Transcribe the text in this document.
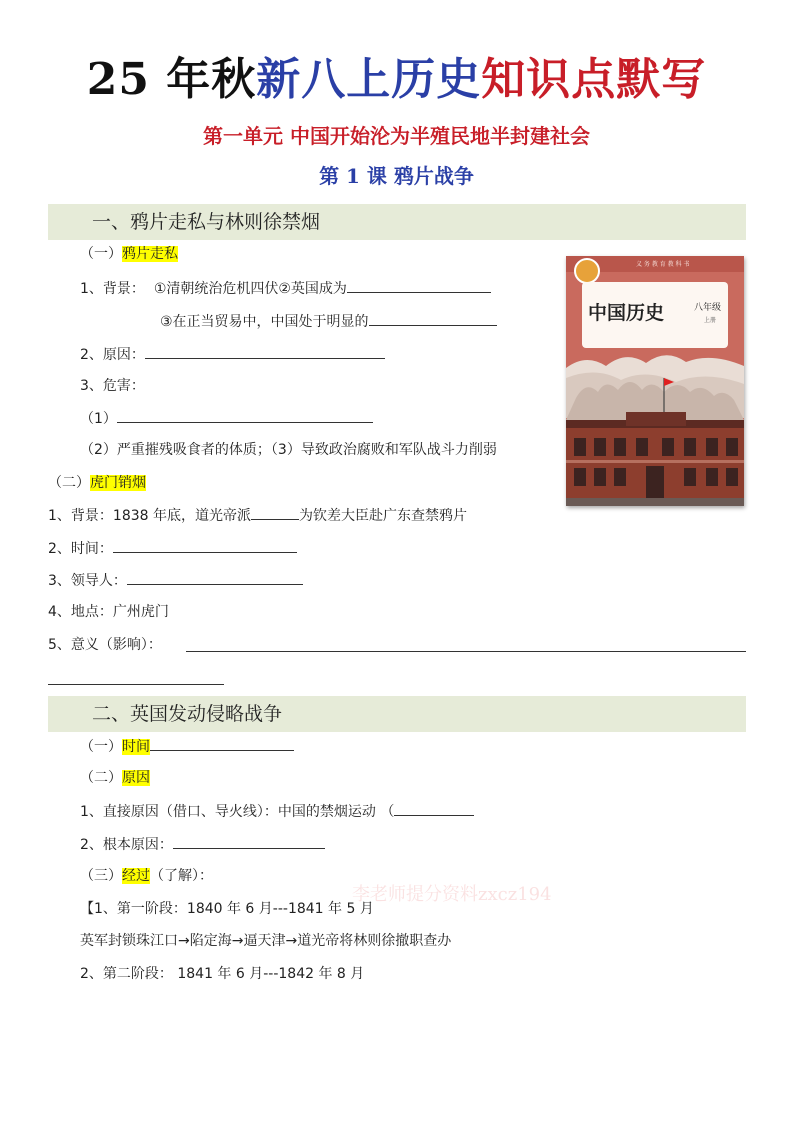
25 年秋新八上历史知识点默写
第一单元 中国开始沦为半殖民地半封建社会
第 1 课 鸦片战争
一、鸦片走私与林则徐禁烟
（一）鸦片走私
1、背景： ①清朝统治危机四伏②英国成为
③在正当贸易中，中国处于明显的
2、原因：
3、危害：
（1）
（2）严重摧残吸食者的体质；（3）导致政治腐败和军队战斗力削弱
（二）虎门销烟
1、背景：1838 年底，道光帝派	为钦差大臣赴广东查禁鸦片
2、时间：
3、领导人：
4、地点：广州虎门
5、意义（影响）：
义 务 教 育 教 科 书
中国历史	八年级
上册
二、英国发动侵略战争
（一）时间
（二）原因
1、直接原因（借口、导火线）：中国的禁烟运动 （
2、根本原因：
（三）经过（了解）：
【1、第一阶段：1840 年 6 月---1841 年 5 月
英军封锁珠江口→陷定海→逼天津→道光帝将林则徐撤职查办
2、第二阶段： 1841 年 6 月---1842 年 8 月
李老师提分资料zxcz194
